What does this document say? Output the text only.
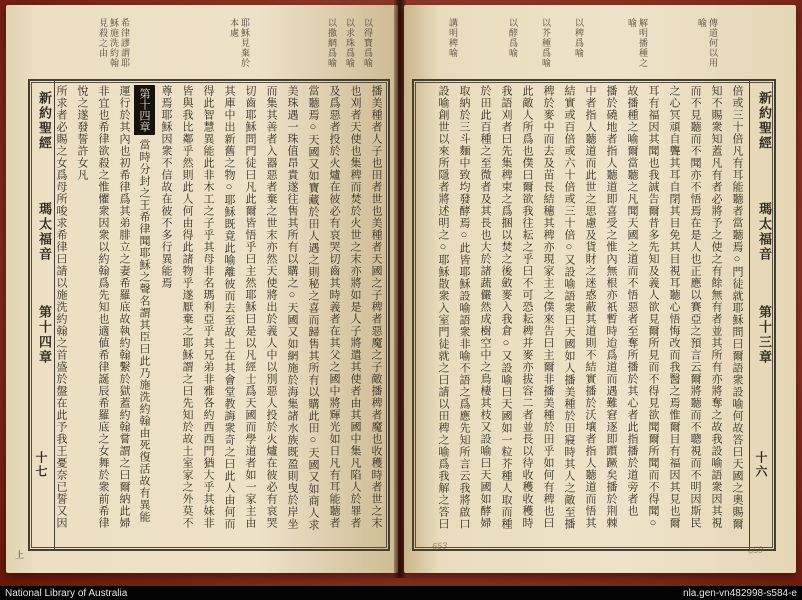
以得寶爲喻
以求珠爲喻
以撒網爲喻
耶穌見棄於本處
希律謬謂耶穌施洗約翰見殺之由
新約聖經 瑪太福音 第十四章
十七	播美種者人子也田者世也美種者天國之子稗者惡魔之子敵播稗者魔也收穫時者世之末
也刈者天使也集稗而焚於火世之末亦將如是人子將遣其使者由其國中集凡陷人於罪者
及爲惡者投於火爐在彼必有哀哭切齒其時義者在其父之國中將輝光如日凡有耳能聽者
當聽焉○天國又如寶藏於田人遇之則秘之喜而歸售其所有以購此田○天國又如商人求
美珠遇一珠值昂貴遂往售其所有以購之○天國又如網施於海集諸水族既盈則曳於岸坐
而集其善者入器惡者棄之世末亦然天使將出於義人中以別惡人投於火爐在彼必有哀哭
切齒耶穌問門徒曰凡此爾皆悟乎曰主然耶穌曰是以凡經士爲天國而學道者如一家主由
其庫中出新舊之物○耶穌既竟此喻離彼而去至故土在其會堂教誨衆奇之曰此人由何而
得此智慧異能此非木工之子乎其母非名瑪利亞乎其兄弟非雅各約西西門猶大乎其妹非
皆與我比鄰乎然則此人何由得此諸物乎遂厭棄之耶穌謂之曰先知於故土室家之外莫不
尊焉耶穌因衆不信故在彼不多行異能焉
第十四章當時分封之王希律聞耶穌之聲名謂其臣曰此乃施洗約翰由死復活故有異能
運行於其內也初希律爲其弟腓立之妻希羅底故執約翰繫於獄蓋約翰嘗謂之曰爾納此婦
非宜也希律欲殺之惟懼衆因衆以約翰爲先知也適値希律誕辰希羅底之女舞於衆前希律
悅之遂發誓許女凡
所求者必賜之女爲母所唆求希律曰請以施洗約翰之首盛於盤在此予我王憂奈已誓又因
上
傳道何以用喻
解明播種之喻
以稗爲喻
以芥種爲喻
以酵爲喻
講明稗喻
新約聖經 瑪太福音 第十三章
十六
倍或三十倍凡有耳能聽者當聽焉○門徒就耶穌問曰爾語衆設喻何故答曰天國之奧賜爾
知不賜衆知蓋凡有者必將予之使之有餘無有者並其所有亦將奪之故我設喻語衆因其視
而不見聽而不聞亦不悟焉在是人也正應以賽亞之預言云爾將聽而不聰視而不明因斯民
之心冥頑自聾其耳自閉其目免其目視耳聽心悟悔改而我醫之焉惟爾目有福因其見也爾
耳有福因其聞也我誠告爾昔多先知及義人欲見爾所見而不得見欲聞爾所聞而不得聞○
故播種之喻爾當聽之凡聞天國之道而不悟惡者至奪所播於其心者此指播於道旁者也
播於磽地者指人聽道即喜受之惟內無根亦祇暫時迨爲道而遇難窘逐即躓蹶矣播於荆棘
中者指人聽道而此世之思慮及貨財之迷惑蔽其道則不結實播於沃壤者指人聽道而悟其
結實或百倍或六十倍或三十倍○又設喻語衆曰天國如人播美種於田寢時其人之敵至播
稗於麥中而去及苗長結穗其稗亦現家主之僕來告曰主爾非播美種於田乎如何有稗也曰
此敵人所爲也僕曰爾欲我往耘之乎曰不可恐耘稗并麥亦拔容二者並長以待收穫收穫時
我語刈者曰先集稗束之爲捆以焚之後斂麥入我倉○又設喻曰天國如一粒芥種人取而種
於田此百種之至微者及其長也大於諸蔬儼然成樹空中之鳥棲其枝又設喻曰天國如酵婦
取納於三斗麵中致均發酵焉○此皆耶穌設喻語衆非喻不語之爲應先知所言云我將啟口
設喻創世以來所隱者將述明之○耶穌散衆入室門徒就之曰請以田稗之喻爲我解之答曰
653	659
National Library of Australia	nla.gen-vn482998-s584-e
